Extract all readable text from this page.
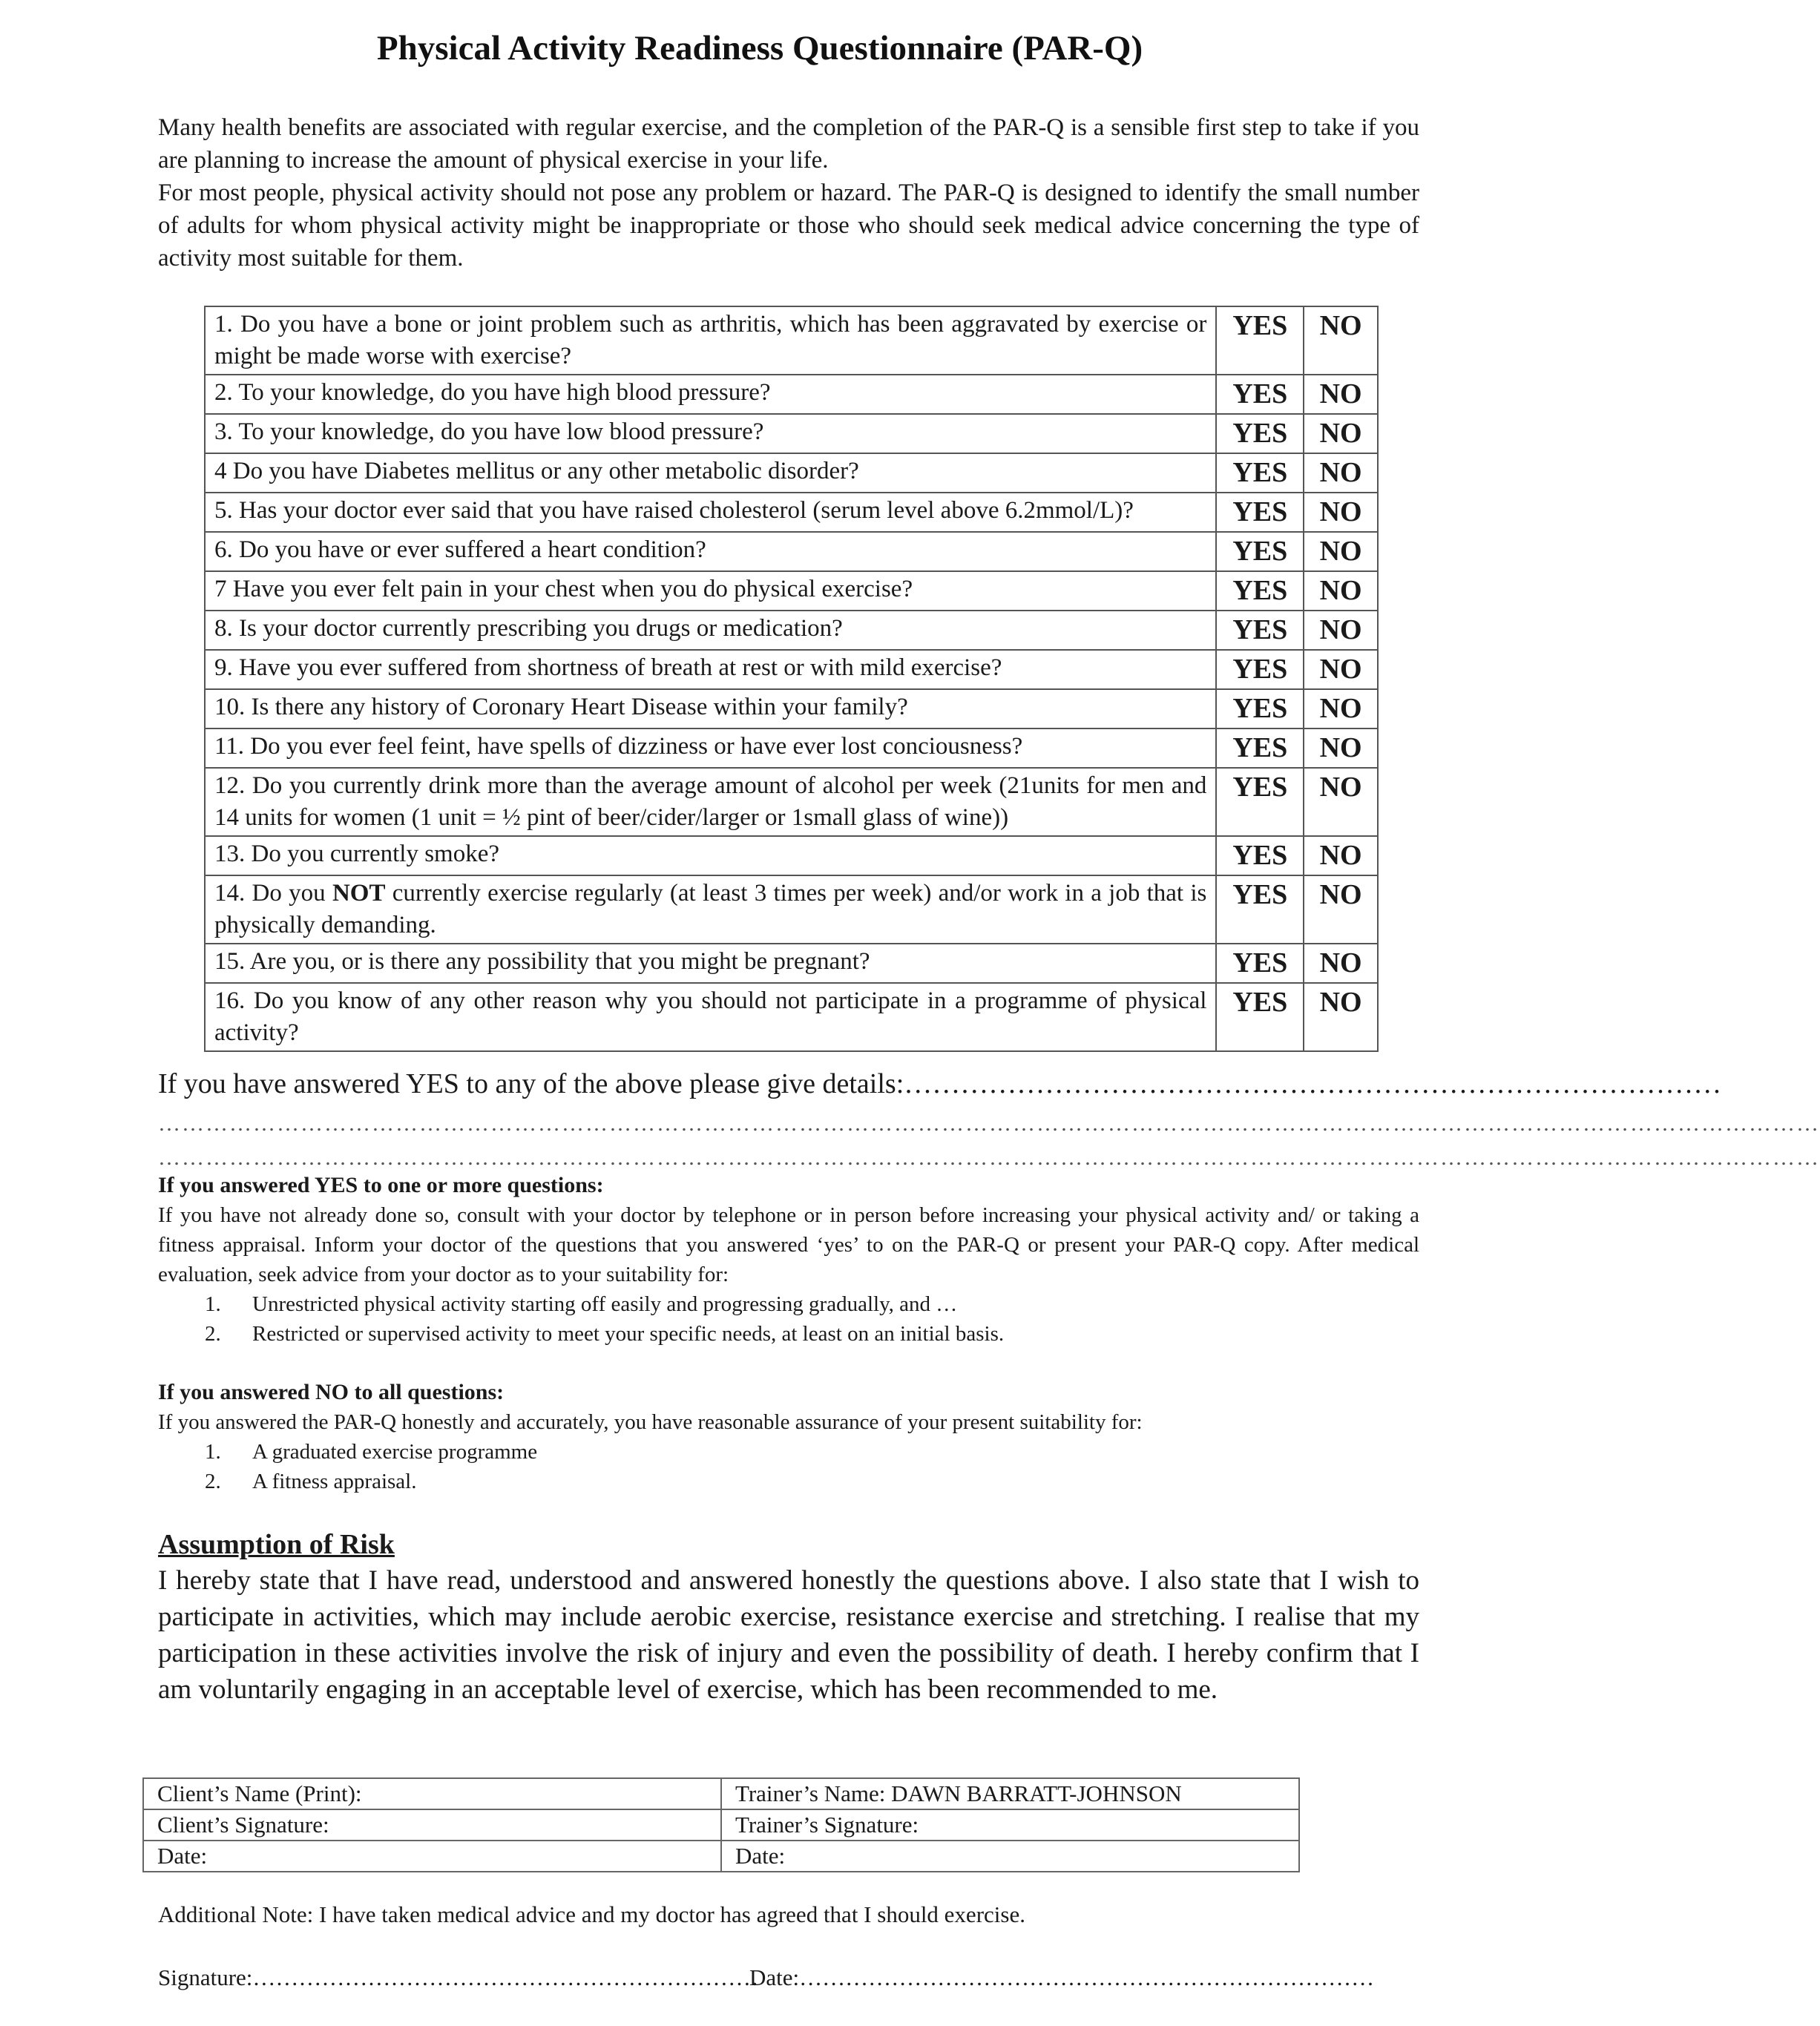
Physical Activity Readiness Questionnaire (PAR-Q)

Many health benefits are associated with regular exercise, and the completion of the PAR-Q is a sensible first step to take if you are planning to increase the amount of physical exercise in your life.

For most people, physical activity should not pose any problem or hazard. The PAR-Q is designed to identify the small number of adults for whom physical activity might be inappropriate or those who should seek medical advice concerning the type of activity most suitable for them.

1. Do you have a bone or joint problem such as arthritis, which has been aggravated by exercise or might be made worse with exercise?	YES	NO
2. To your knowledge, do you have high blood pressure?	YES	NO
3. To your knowledge, do you have low blood pressure?	YES	NO
4 Do you have Diabetes mellitus or any other metabolic disorder?	YES	NO
5. Has your doctor ever said that you have raised cholesterol (serum level above 6.2mmol/L)?	YES	NO
6. Do you have or ever suffered a heart condition?	YES	NO
7 Have you ever felt pain in your chest when you do physical exercise?	YES	NO
8. Is your doctor currently prescribing you drugs or medication?	YES	NO
9. Have you ever suffered from shortness of breath at rest or with mild exercise?	YES	NO
10. Is there any history of Coronary Heart Disease within your family?	YES	NO
11. Do you ever feel feint, have spells of dizziness or have ever lost conciousness?	YES	NO
12. Do you currently drink more than the average amount of alcohol per week (21units for men and 14 units for women (1 unit = ½ pint of beer/cider/larger or 1small glass of wine))	YES	NO
13. Do you currently smoke?	YES	NO
14. Do you NOT currently exercise regularly (at least 3 times per week) and/or work in a job that is physically demanding.	YES	NO
15. Are you, or is there any possibility that you might be pregnant?	YES	NO
16. Do you know of any other reason why you should not participate in a programme of physical activity?	YES	NO
If you have answered YES to any of the above please give details:……………………………………………………………………………
…………………………………………………………………………………………………………………………………………………………………………………………
…………………………………………………………………………………………………………………………………………………………………………………………
If you answered YES to one or more questions:
If you have not already done so, consult with your doctor by telephone or in person before increasing your physical activity and/ or taking a fitness appraisal. Inform your doctor of the questions that you answered ‘yes’ to on the PAR-Q or present your PAR-Q copy. After medical evaluation, seek advice from your doctor as to your suitability for:
1. Unrestricted physical activity starting off easily and progressing gradually, and …
2. Restricted or supervised activity to meet your specific needs, at least on an initial basis.
If you answered NO to all questions:
If you answered the PAR-Q honestly and accurately, you have reasonable assurance of your present suitability for:
1. A graduated exercise programme
2. A fitness appraisal.
Assumption of Risk

I hereby state that I have read, understood and answered honestly the questions above. I also state that I wish to participate in activities, which may include aerobic exercise, resistance exercise and stretching. I realise that my participation in these activities involve the risk of injury and even the possibility of death. I hereby confirm that I am voluntarily engaging in an acceptable level of exercise, which has been recommended to me.

Client’s Name (Print):	Trainer’s Name: DAWN BARRATT-JOHNSON
Client’s Signature:	Trainer’s Signature:
Date:	Date:
Additional Note: I have taken medical advice and my doctor has agreed that I should exercise.
Signature:…………………………………………………………
Date:…………………………………………………………………
